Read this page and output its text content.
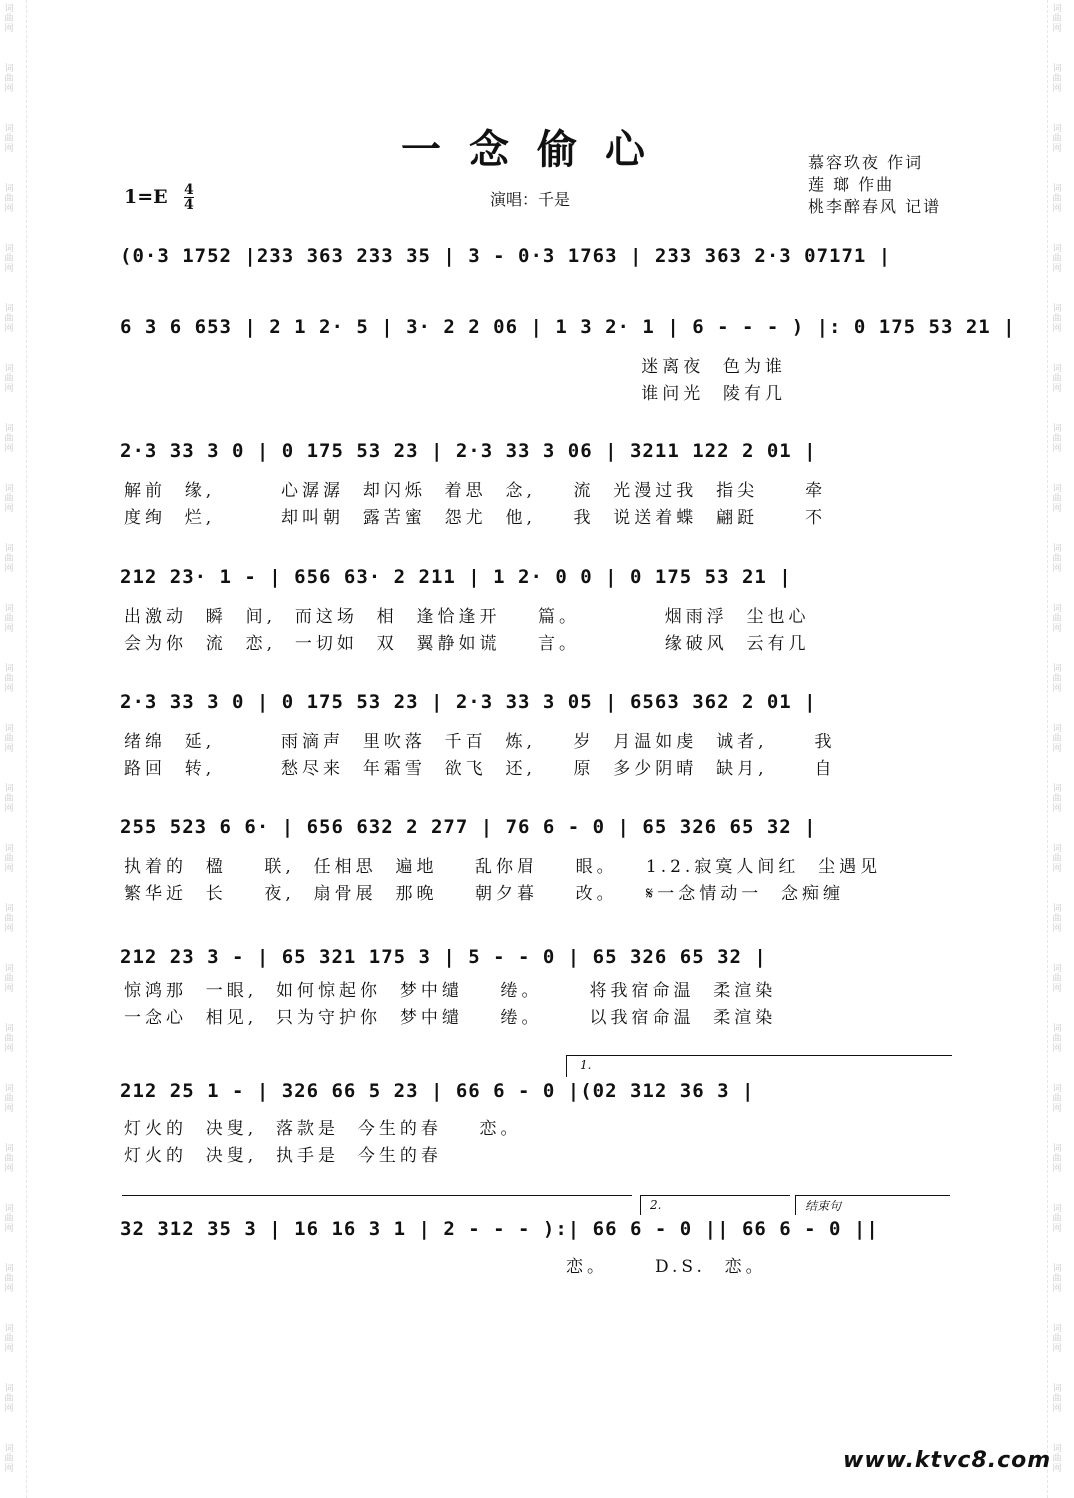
词
曲
网
词
曲
网
词
曲
网
词
曲
网
词
曲
网
词
曲
网
词
曲
网
词
曲
网
词
曲
网
词
曲
网
词
曲
网
词
曲
网
词
曲
网
词
曲
网
词
曲
网
词
曲
网
词
曲
网
词
曲
网
词
曲
网
词
曲
网
词
曲
网
词
曲
网
词
曲
网
词
曲
网
词
曲
网
词
曲
网
词
曲
网
词
曲
网
词
曲
网
词
曲
网
词
曲
网
词
曲
网
词
曲
网
词
曲
网
词
曲
网
词
曲
网
词
曲
网
词
曲
网
词
曲
网
词
曲
网
词
曲
网
词
曲
网
词
曲
网
词
曲
网
词
曲
网
词
曲
网
词
曲
网
词
曲
网
词
曲
网
词
曲
网
一念偷心
1=E 4
4	演唱：千是
慕容玖夜 作词
莲 瑯 作曲
桃李醉春风 记谱
(0·3 1752 |233 363 233 35 | 3 - 0·3 1763 | 233 363 2·3 07171 |
6 3 6 653 | 2 1 2· 5 | 3· 2 2 06 | 1 3 2· 1 | 6 - - - ) |: 0 175 53 21 |
迷离夜  色为谁
谁问光  陵有几
2·3 33 3 0 | 0 175 53 23 | 2·3 33 3 06 | 3211 122 2 01 |
解前  缘,       心潺潺  却闪烁  着思  念,    流  光漫过我  指尖     牵
度绚  烂,       却叫朝  露苦蜜  怨尤  他,    我  说送着蝶  翩跹     不
212 23· 1 - | 656 63· 2 211 | 1 2· 0 0 | 0 175 53 21 |
出激动  瞬  间,  而这场  相  逢恰逢开    篇。         烟雨浮  尘也心
会为你  流  恋,  一切如  双  翼静如谎    言。         缘破风  云有几
2·3 33 3 0 | 0 175 53 23 | 2·3 33 3 05 | 6563 362 2 01 |
绪绵  延,       雨滴声  里吹落  千百  炼,    岁  月温如虔  诚者,     我
路回  转,       愁尽来  年霜雪  欲飞  还,    原  多少阴晴  缺月,     自
255 523 6 6· | 656 632 2 277 | 76 6 - 0 | 65 326 65 32 |
执着的  楹    联,  任相思  遍地    乱你眉    眼。   1.2.寂寞人间红  尘遇见
繁华近  长    夜,  扇骨展  那晚    朝夕暮    改。   𝄋一念情动一  念痴缠
212 23 3 - | 65 321 175 3 | 5 - - 0 | 65 326 65 32 |
惊鸿那  一眼,  如何惊起你  梦中缱    绻。     将我宿命温  柔渲染
一念心  相见,  只为守护你  梦中缱    绻。     以我宿命温  柔渲染
1.
212 25 1 - | 326 66 5 23 | 66 6 - 0 |(02 312 36 3 |
灯火的  决叟,  落款是  今生的春    恋。
灯火的  决叟,  执手是  今生的春
2.	结束句
32 312 35 3 | 16 16 3 1 | 2 - - - ):| 66 6 - 0 || 66 6 - 0 ||
恋。     D.S.  恋。
www.ktvc8.com
